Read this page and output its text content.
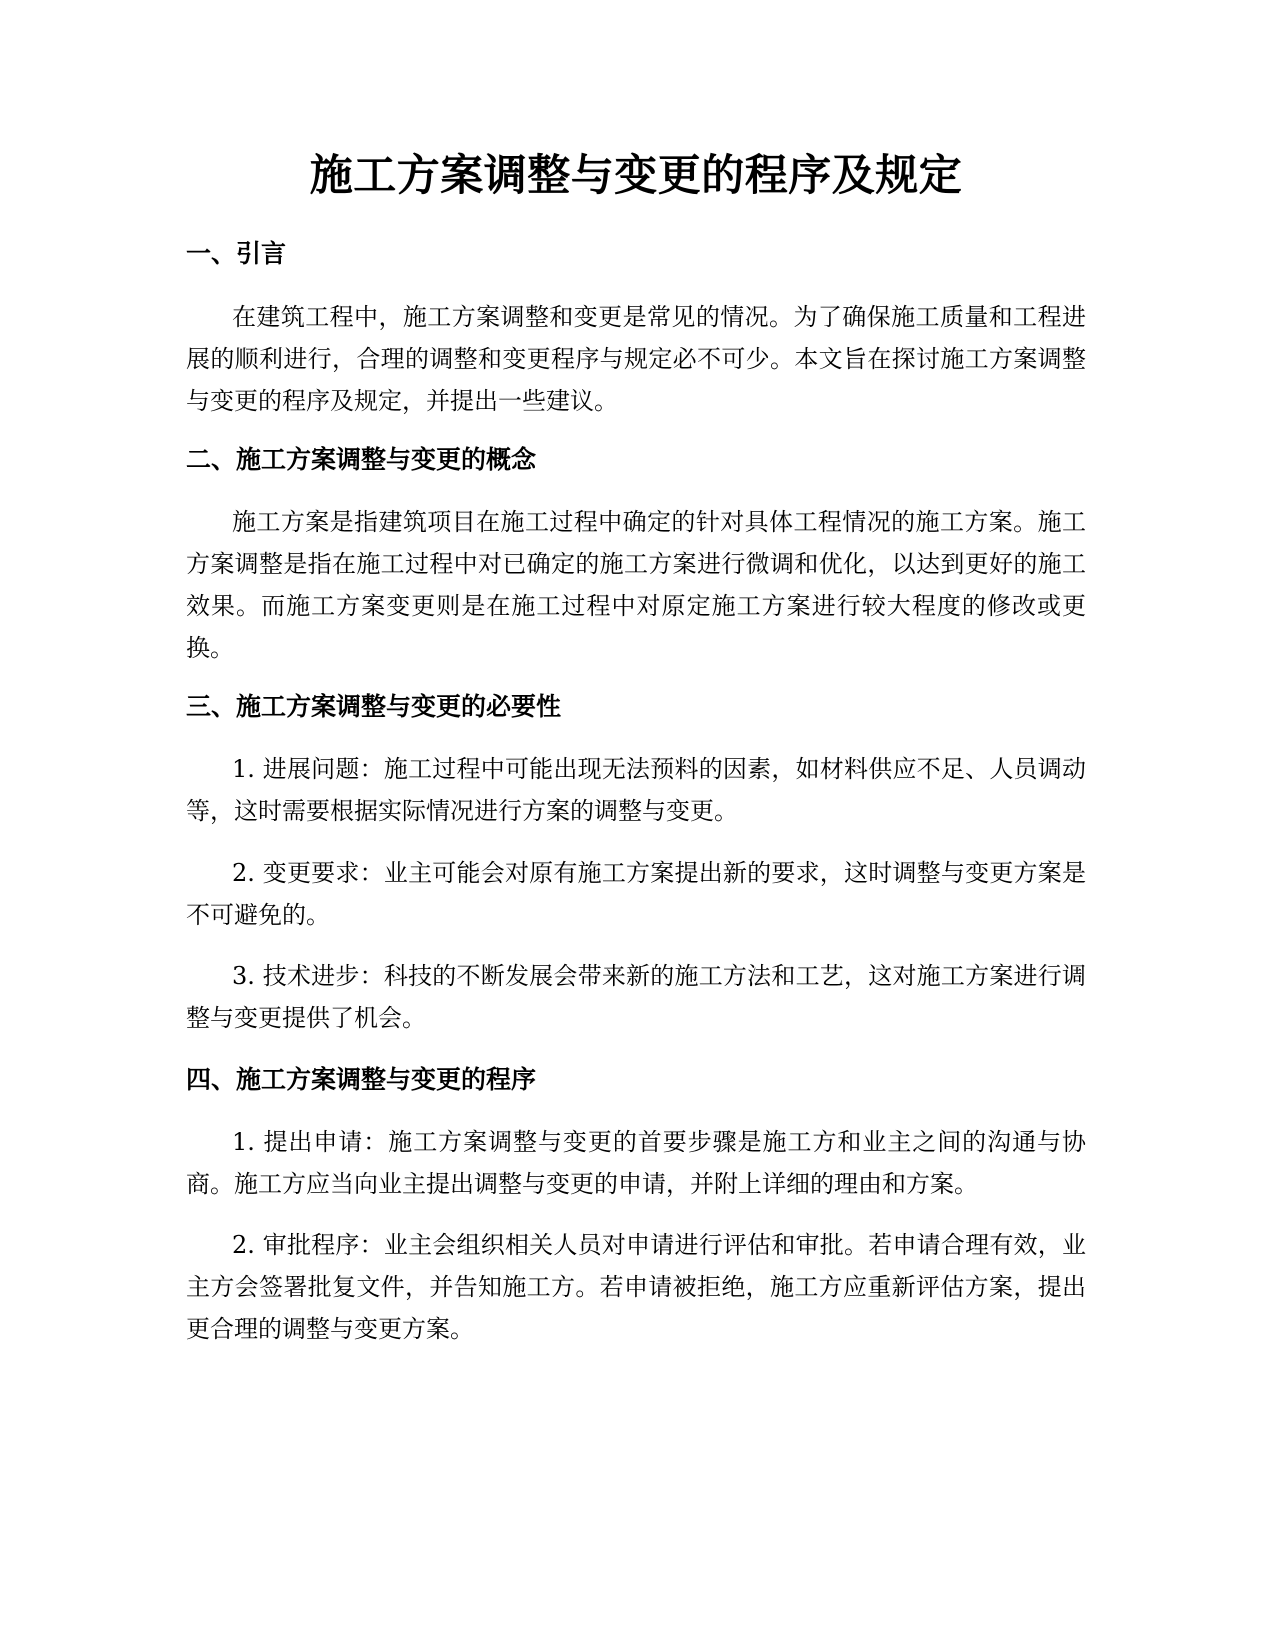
施工方案调整与变更的程序及规定
一、引言

在建筑工程中，施工方案调整和变更是常见的情况。为了确保施工质量和工程进展的顺利进行，合理的调整和变更程序与规定必不可少。本文旨在探讨施工方案调整与变更的程序及规定，并提出一些建议。

二、施工方案调整与变更的概念

施工方案是指建筑项目在施工过程中确定的针对具体工程情况的施工方案。施工方案调整是指在施工过程中对已确定的施工方案进行微调和优化，以达到更好的施工效果。而施工方案变更则是在施工过程中对原定施工方案进行较大程度的修改或更换。

三、施工方案调整与变更的必要性

1. 进展问题：施工过程中可能出现无法预料的因素，如材料供应不足、人员调动等，这时需要根据实际情况进行方案的调整与变更。

2. 变更要求：业主可能会对原有施工方案提出新的要求，这时调整与变更方案是不可避免的。

3. 技术进步：科技的不断发展会带来新的施工方法和工艺，这对施工方案进行调整与变更提供了机会。

四、施工方案调整与变更的程序

1. 提出申请：施工方案调整与变更的首要步骤是施工方和业主之间的沟通与协商。施工方应当向业主提出调整与变更的申请，并附上详细的理由和方案。

2. 审批程序：业主会组织相关人员对申请进行评估和审批。若申请合理有效，业主方会签署批复文件，并告知施工方。若申请被拒绝，施工方应重新评估方案，提出更合理的调整与变更方案。
